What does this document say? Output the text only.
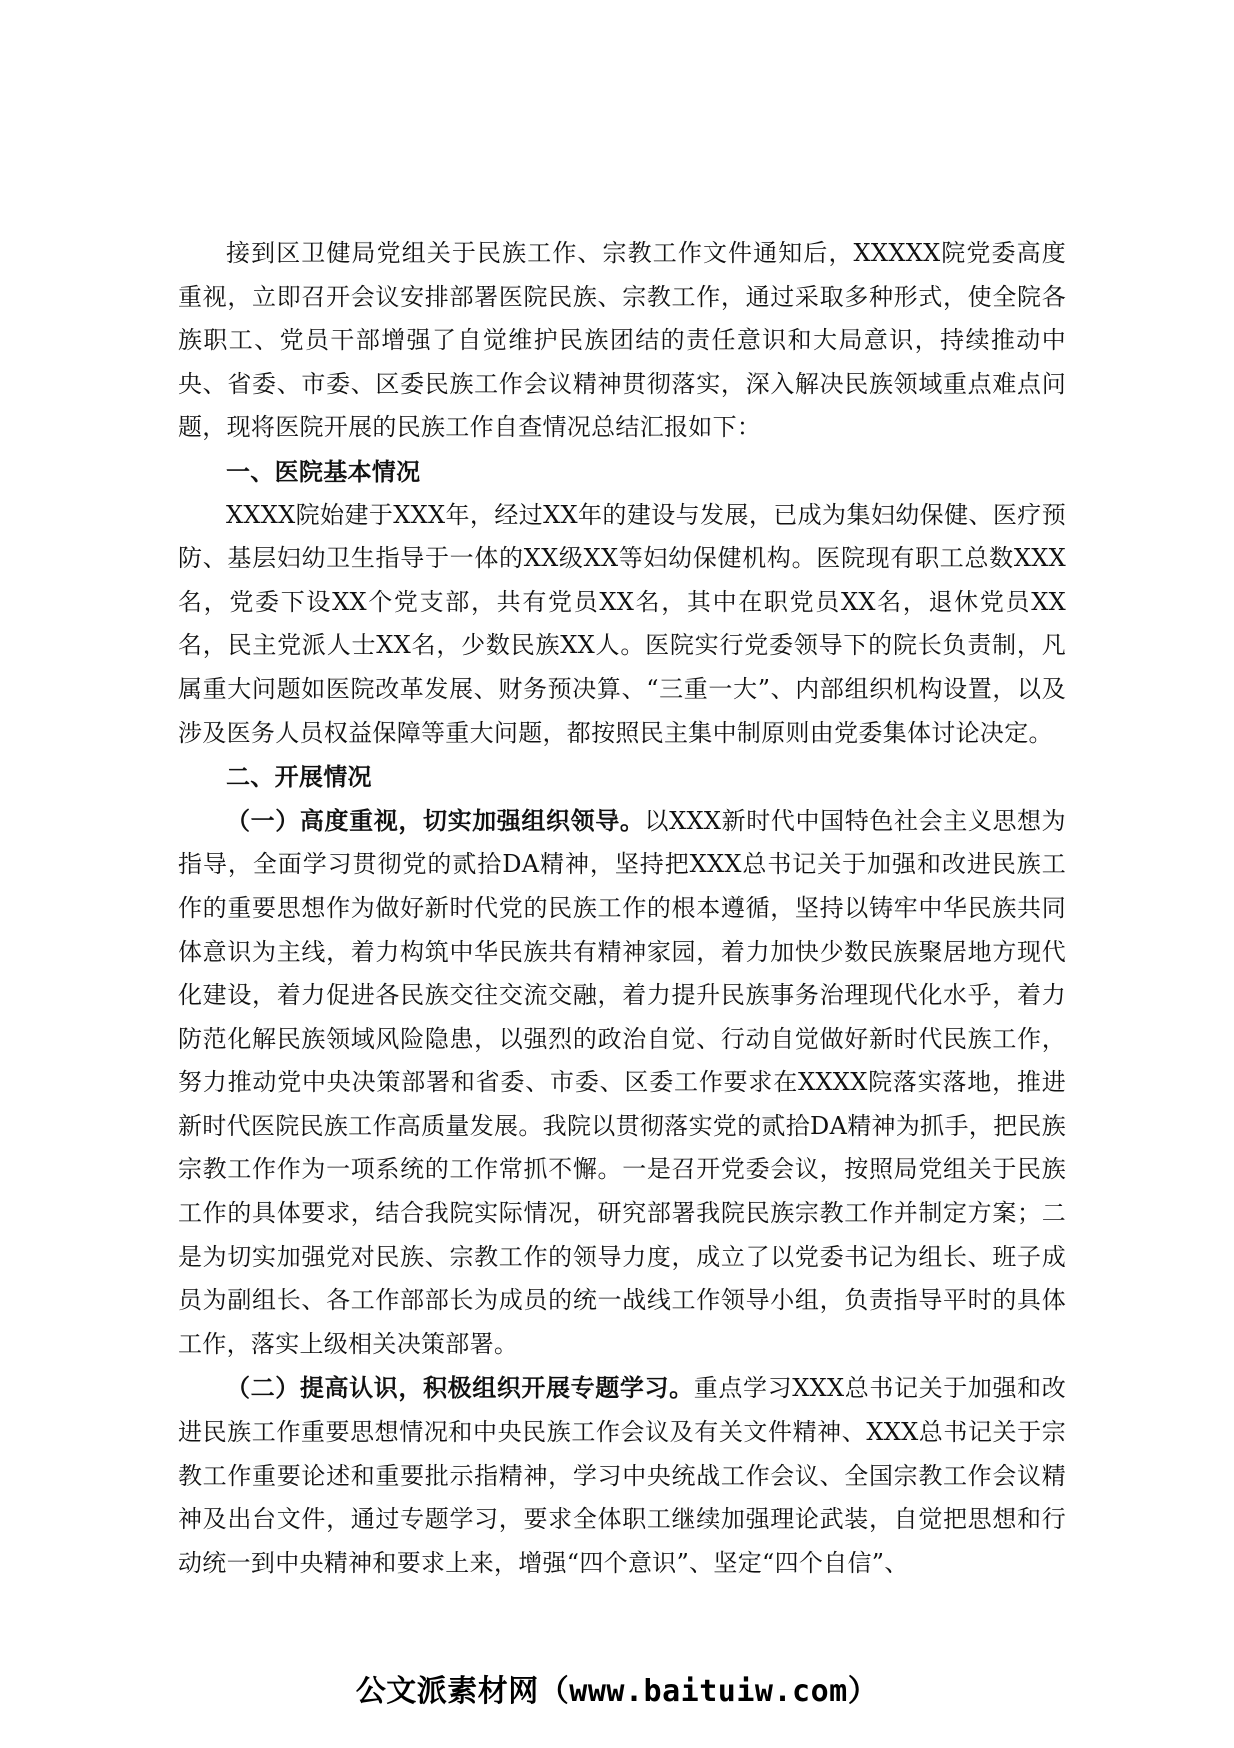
接到区卫健局党组关于民族工作、宗教工作文件通知后，XXXXX院党委高度重视，立即召开会议安排部署医院民族、宗教工作，通过采取多种形式，使全院各族职工、党员干部增强了自觉维护民族团结的责任意识和大局意识，持续推动中央、省委、市委、区委民族工作会议精神贯彻落实，深入解决民族领域重点难点问题，现将医院开展的民族工作自查情况总结汇报如下：

一、医院基本情况

XXXX院始建于XXX年，经过XX年的建设与发展，已成为集妇幼保健、医疗预防、基层妇幼卫生指导于一体的XX级XX等妇幼保健机构。医院现有职工总数XXX名，党委下设XX个党支部，共有党员XX名，其中在职党员XX名，退休党员XX名，民主党派人士XX名，少数民族XX人。医院实行党委领导下的院长负责制，凡属重大问题如医院改革发展、财务预决算、“三重一大”、内部组织机构设置，以及涉及医务人员权益保障等重大问题，都按照民主集中制原则由党委集体讨论决定。

二、开展情况

（一）高度重视，切实加强组织领导。以XXX新时代中国特色社会主义思想为指导，全面学习贯彻党的贰拾DA精神，坚持把XXX总书记关于加强和改进民族工作的重要思想作为做好新时代党的民族工作的根本遵循，坚持以铸牢中华民族共同体意识为主线，着力构筑中华民族共有精神家园，着力加快少数民族聚居地方现代化建设，着力促进各民族交往交流交融，着力提升民族事务治理现代化水乎，着力防范化解民族领域风险隐患，以强烈的政治自觉、行动自觉做好新时代民族工作，努力推动党中央决策部署和省委、市委、区委工作要求在XXXX院落实落地，推进新时代医院民族工作高质量发展。我院以贯彻落实党的贰拾DA精神为抓手，把民族宗教工作作为一项系统的工作常抓不懈。一是召开党委会议，按照局党组关于民族工作的具体要求，结合我院实际情况，研究部署我院民族宗教工作并制定方案；二是为切实加强党对民族、宗教工作的领导力度，成立了以党委书记为组长、班子成员为副组长、各工作部部长为成员的统一战线工作领导小组，负责指导平时的具体工作，落实上级相关决策部署。

（二）提高认识，积极组织开展专题学习。重点学习XXX总书记关于加强和改进民族工作重要思想情况和中央民族工作会议及有关文件精神、XXX总书记关于宗教工作重要论述和重要批示指精神，学习中央统战工作会议、全国宗教工作会议精神及出台文件，通过专题学习，要求全体职工继续加强理论武装，自觉把思想和行动统一到中央精神和要求上来，增强“四个意识”、坚定“四个自信”、

公文派素材网（www.baituiw.com）
